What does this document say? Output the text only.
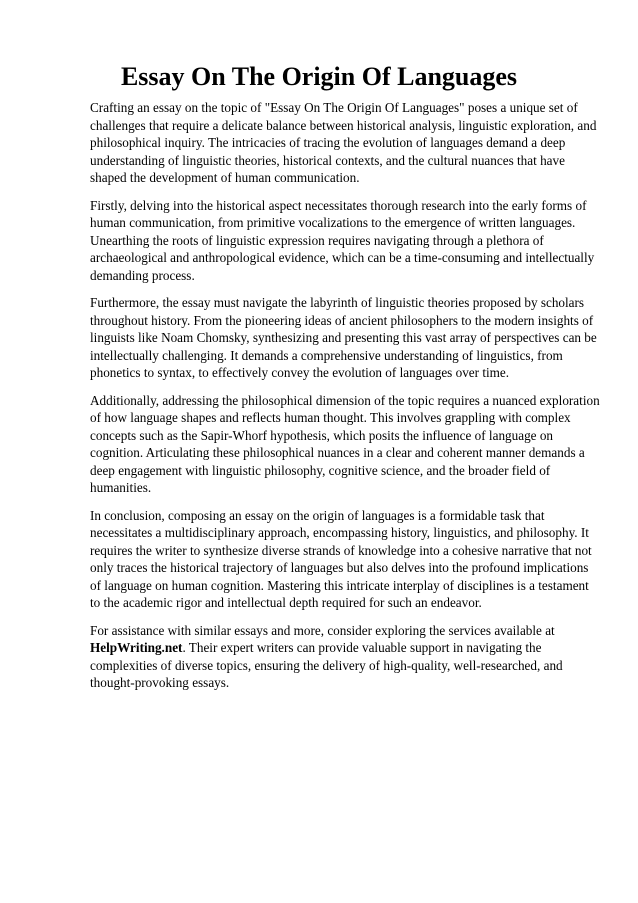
Essay On The Origin Of Languages

Crafting an essay on the topic of "Essay On The Origin Of Languages" poses a unique set of challenges that require a delicate balance between historical analysis, linguistic exploration, and philosophical inquiry. The intricacies of tracing the evolution of languages demand a deep understanding of linguistic theories, historical contexts, and the cultural nuances that have shaped the development of human communication.

Firstly, delving into the historical aspect necessitates thorough research into the early forms of human communication, from primitive vocalizations to the emergence of written languages. Unearthing the roots of linguistic expression requires navigating through a plethora of archaeological and anthropological evidence, which can be a time-consuming and intellectually demanding process.

Furthermore, the essay must navigate the labyrinth of linguistic theories proposed by scholars throughout history. From the pioneering ideas of ancient philosophers to the modern insights of linguists like Noam Chomsky, synthesizing and presenting this vast array of perspectives can be intellectually challenging. It demands a comprehensive understanding of linguistics, from phonetics to syntax, to effectively convey the evolution of languages over time.

Additionally, addressing the philosophical dimension of the topic requires a nuanced exploration of how language shapes and reflects human thought. This involves grappling with complex concepts such as the Sapir-Whorf hypothesis, which posits the influence of language on cognition. Articulating these philosophical nuances in a clear and coherent manner demands a deep engagement with linguistic philosophy, cognitive science, and the broader field of humanities.

In conclusion, composing an essay on the origin of languages is a formidable task that necessitates a multidisciplinary approach, encompassing history, linguistics, and philosophy. It requires the writer to synthesize diverse strands of knowledge into a cohesive narrative that not only traces the historical trajectory of languages but also delves into the profound implications of language on human cognition. Mastering this intricate interplay of disciplines is a testament to the academic rigor and intellectual depth required for such an endeavor.

For assistance with similar essays and more, consider exploring the services available at HelpWriting.net. Their expert writers can provide valuable support in navigating the complexities of diverse topics, ensuring the delivery of high-quality, well-researched, and thought-provoking essays.
